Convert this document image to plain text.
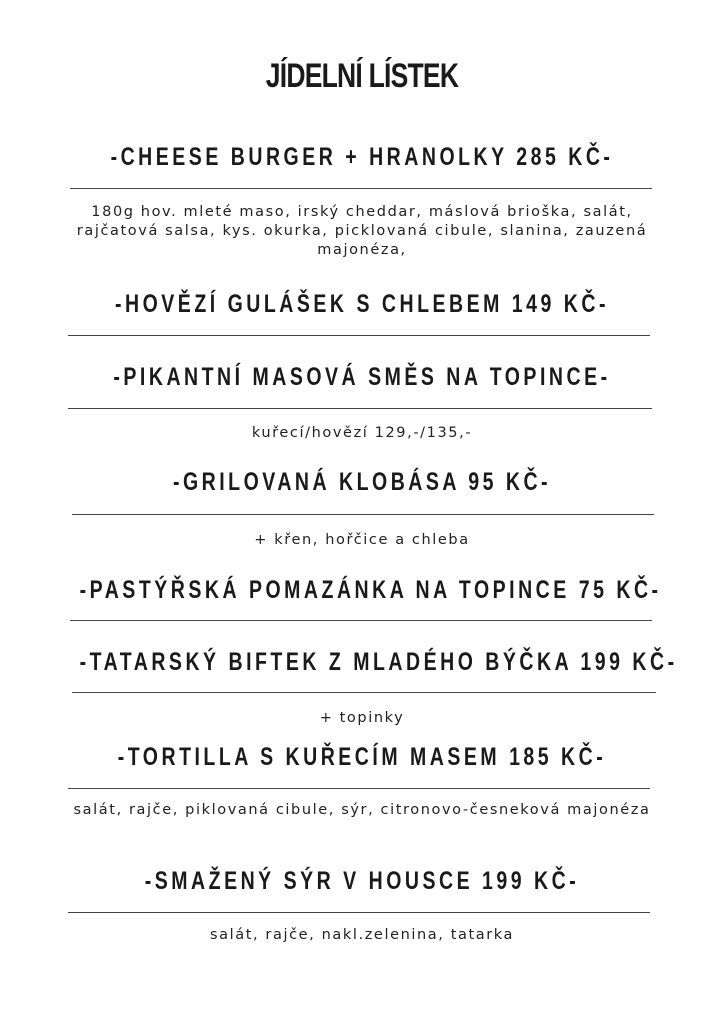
JÍDELNÍ LÍSTEK
-CHEESE BURGER + HRANOLKY 285 KČ-
180g hov. mleté maso, irský cheddar, máslová brioška, salát, rajčatová salsa, kys. okurka, picklovaná cibule, slanina, zauzená majonéza,
-HOVĚZÍ GULÁŠEK S CHLEBEM 149 KČ-
-PIKANTNÍ MASOVÁ SMĚS NA TOPINCE-
kuřecí/hovězí 129,-/135,-
-GRILOVANÁ KLOBÁSA 95 KČ-
+ křen, hořčice a chleba
-PASTÝŘSKÁ POMAZÁNKA NA TOPINCE 75 KČ-
-TATARSKÝ BIFTEK Z MLADÉHO BÝČKA 199 KČ-
+ topinky
-TORTILLA S KUŘECÍM MASEM 185 KČ-
salát, rajče, piklovaná cibule, sýr, citronovo-česneková majonéza
-SMAŽENÝ SÝR V HOUSCE 199 KČ-
salát, rajče, nakl.zelenina, tatarka
